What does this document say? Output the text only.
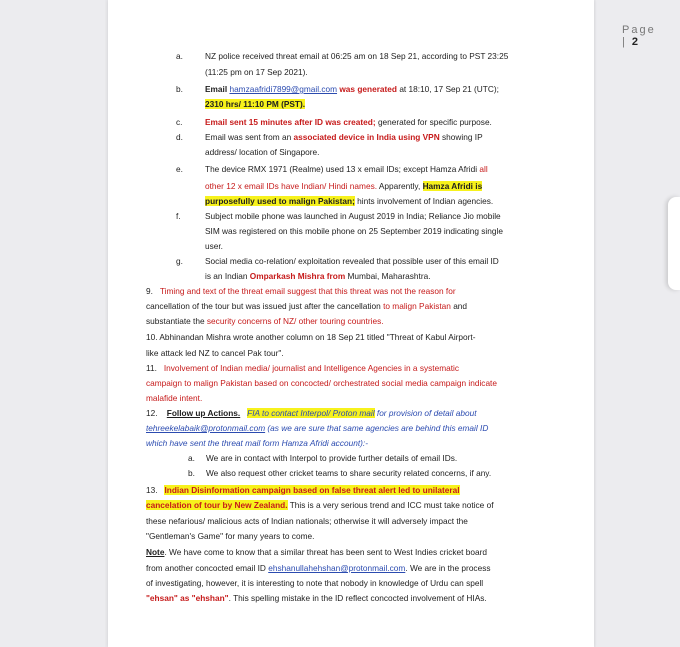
Page | 2
a.	NZ police received threat email at 06:25 am on 18 Sep 21, according to PST 23:25
(11:25 pm on 17 Sep 2021).
b.	Email hamzaafridi7899@gmail.com was generated at 18:10, 17 Sep 21 (UTC);
2310 hrs/ 11:10 PM (PST).
c.	Email sent 15 minutes after ID was created; generated for specific purpose.
d.	Email was sent from an associated device in India using VPN showing IP
address/ location of Singapore.
e.	The device RMX 1971 (Realme) used 13 x email IDs; except Hamza Afridi all
other 12 x email IDs have Indian/ Hindi names. Apparently, Hamza Afridi is
purposefully used to malign Pakistan; hints involvement of Indian agencies.
f.	Subject mobile phone was launched in August 2019 in India; Reliance Jio mobile
SIM was registered on this mobile phone on 25 September 2019 indicating single
user.
g.	Social media co-relation/ exploitation revealed that possible user of this email ID
is an Indian Omparkash Mishra from Mumbai, Maharashtra.
9. Timing and text of the threat email suggest that this threat was not the reason for
cancellation of the tour but was issued just after the cancellation to malign Pakistan and
substantiate the security concerns of NZ/ other touring countries.
10. Abhinandan Mishra wrote another column on 18 Sep 21 titled "Threat of Kabul Airport-
like attack led NZ to cancel Pak tour".
11. Involvement of Indian media/ journalist and Intelligence Agencies in a systematic
campaign to malign Pakistan based on concocted/ orchestrated social media campaign indicate
malafide intent.
12. Follow up Actions. FIA to contact Interpol/ Proton mail for provision of detail about
tehreekelabaik@protonmail.com (as we are sure that same agencies are behind this email ID
which have sent the threat mail form Hamza Afridi account):-
a. We are in contact with Interpol to provide further details of email IDs.
b. We also request other cricket teams to share security related concerns, if any.
13. Indian Disinformation campaign based on false threat alert led to unilateral
cancelation of tour by New Zealand. This is a very serious trend and ICC must take notice of
these nefarious/ malicious acts of Indian nationals; otherwise it will adversely impact the
"Gentleman's Game" for many years to come.
Note. We have come to know that a similar threat has been sent to West Indies cricket board
from another concocted email ID ehshanullahehshan@protonmail.com. We are in the process
of investigating, however, it is interesting to note that nobody in knowledge of Urdu can spell
"ehsan" as "ehshan". This spelling mistake in the ID reflect concocted involvement of HIAs.
